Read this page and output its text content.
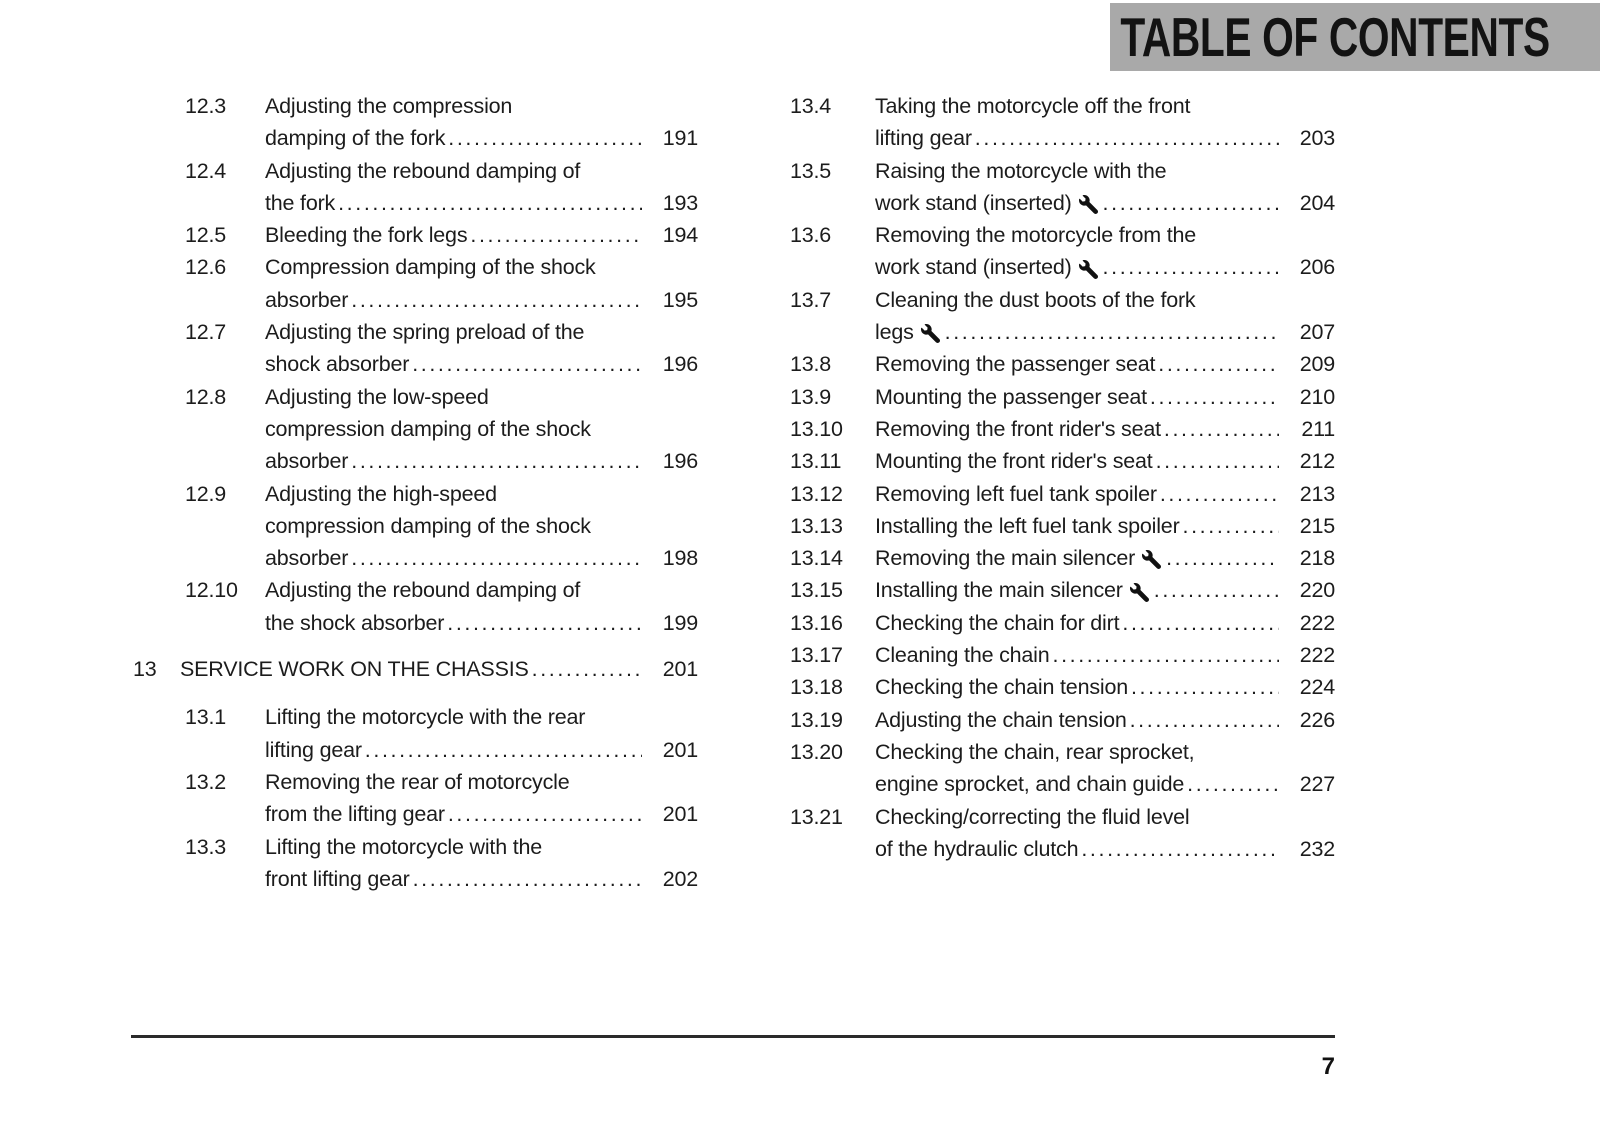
TABLE OF CONTENTS
12.3	Adjusting the compression
damping of the fork .....	191
12.4	Adjusting the rebound damping of
the fork .....	193
12.5	Bleeding the fork legs .....	194
12.6	Compression damping of the shock
absorber .....	195
12.7	Adjusting the spring preload of the
shock absorber .....	196
12.8	Adjusting the low-speed
compression damping of the shock
absorber .....	196
12.9	Adjusting the high-speed
compression damping of the shock
absorber .....	198
12.10	Adjusting the rebound damping of
the shock absorber .....	199
13	SERVICE WORK ON THE CHASSIS .....	201
13.1	Lifting the motorcycle with the rear
lifting gear .....	201
13.2	Removing the rear of motorcycle
from the lifting gear .....	201
13.3	Lifting the motorcycle with the
front lifting gear .....	202
13.4	Taking the motorcycle off the front
lifting gear .....	203
13.5	Raising the motorcycle with the
work stand (inserted) .....	204
13.6	Removing the motorcycle from the
work stand (inserted) .....	206
13.7	Cleaning the dust boots of the fork
legs .....	207
13.8	Removing the passenger seat .....	209
13.9	Mounting the passenger seat .....	210
13.10	Removing the front rider's seat .....	211
13.11	Mounting the front rider's seat .....	212
13.12	Removing left fuel tank spoiler .....	213
13.13	Installing the left fuel tank spoiler .....	215
13.14	Removing the main silencer .....	218
13.15	Installing the main silencer .....	220
13.16	Checking the chain for dirt .....	222
13.17	Cleaning the chain .....	222
13.18	Checking the chain tension .....	224
13.19	Adjusting the chain tension .....	226
13.20	Checking the chain, rear sprocket,
engine sprocket, and chain guide .....	227
13.21	Checking/correcting the fluid level
of the hydraulic clutch .....	232
7
